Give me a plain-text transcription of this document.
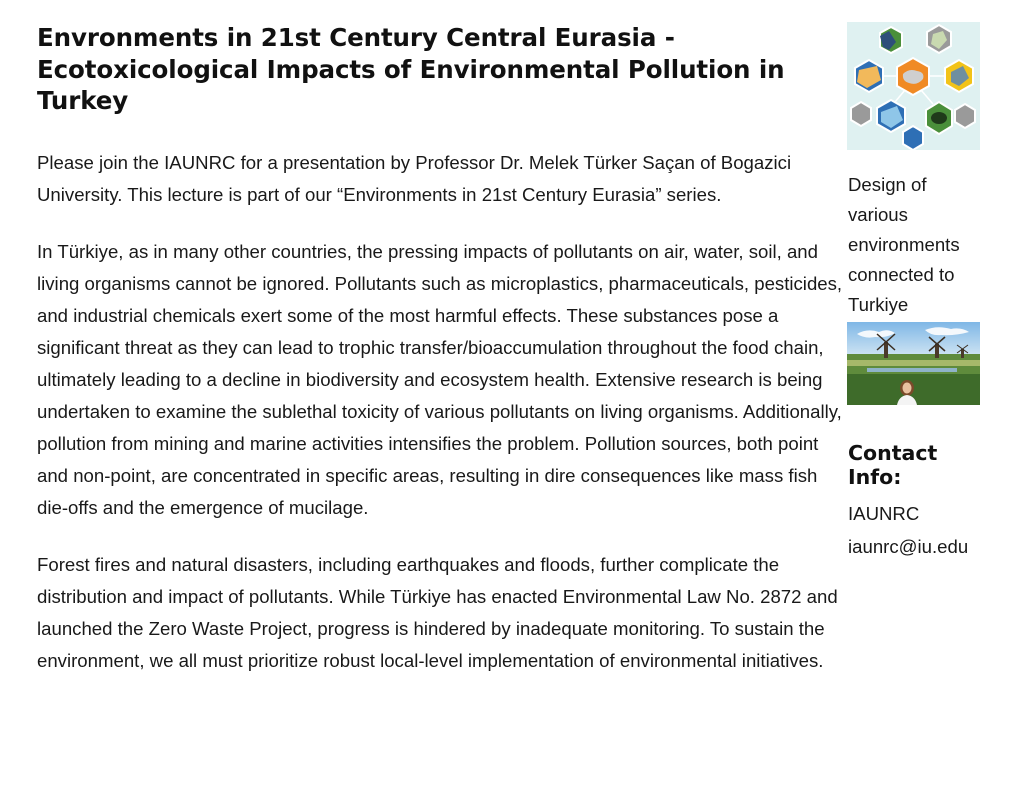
Envronments in 21st Century Central Eurasia - Ecotoxicological Impacts of Environmental Pollution in Turkey

Please join the IAUNRC for a presentation by Professor Dr. Melek Türker Saçan of Bogazici University. This lecture is part of our “Environments in 21st Century Eurasia” series.

In Türkiye, as in many other countries, the pressing impacts of pollutants on air, water, soil, and living organisms cannot be ignored. Pollutants such as microplastics, pharmaceuticals, pesticides, and industrial chemicals exert some of the most harmful effects. These substances pose a significant threat as they can lead to trophic transfer/bioaccumulation throughout the food chain, ultimately leading to a decline in biodiversity and ecosystem health. Extensive research is being undertaken to examine the sublethal toxicity of various pollutants on living organisms. Additionally, pollution from mining and marine activities intensifies the problem. Pollution sources, both point and non-point, are concentrated in specific areas, resulting in dire consequences like mass fish die-offs and the emergence of mucilage.

Forest fires and natural disasters, including earthquakes and floods, further complicate the distribution and impact of pollutants. While Türkiye has enacted Environmental Law No. 2872 and launched the Zero Waste Project, progress is hindered by inadequate monitoring. To sustain the environment, we all must prioritize robust local-level implementation of environmental initiatives.

Design of various environments connected to Turkiye

Contact Info:

IAUNRC

iaunrc@iu.edu
